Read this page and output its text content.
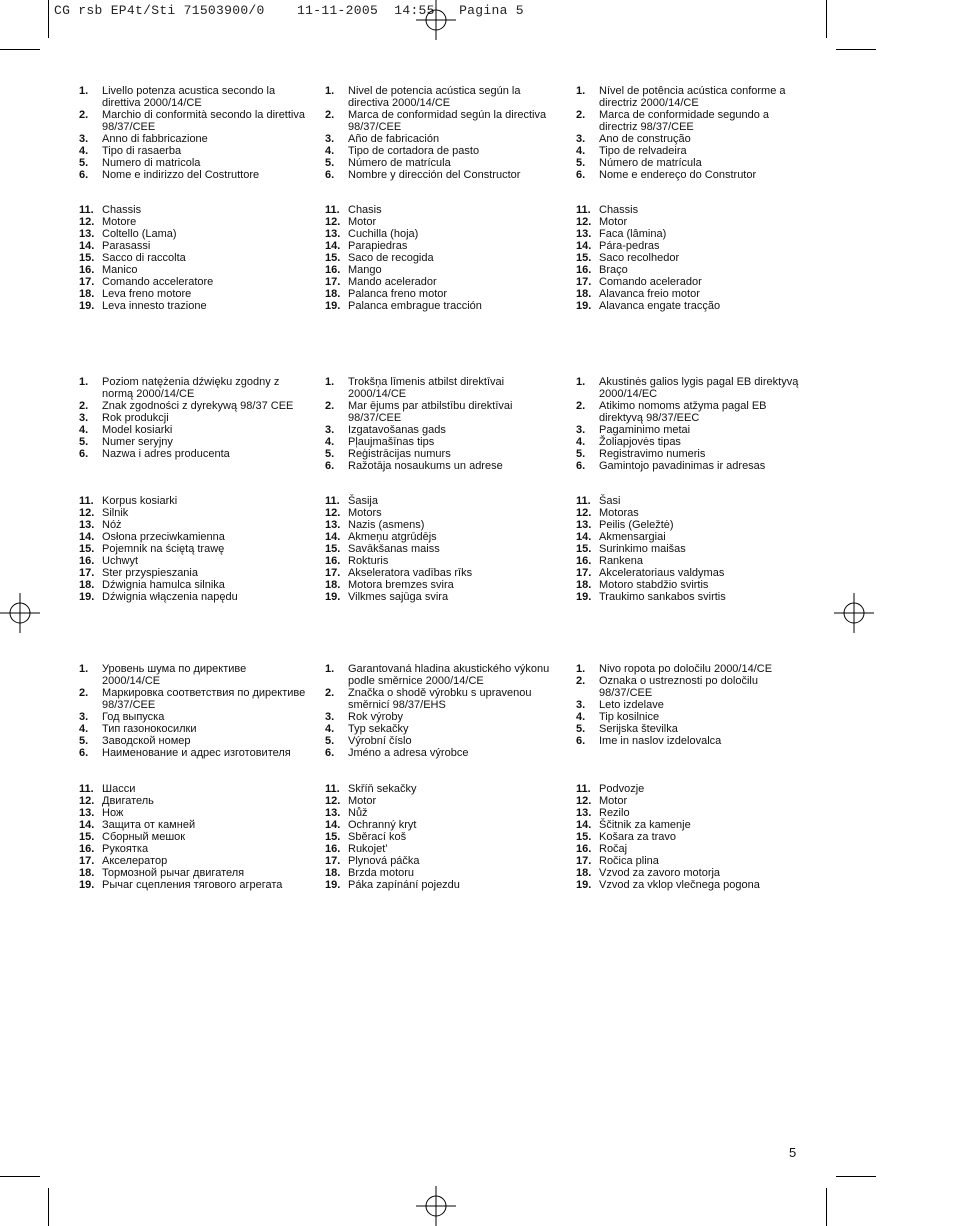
CG rsb EP4t/Sti 71503900/0    11-11-2005  14:55   Pagina 5
1.	Livello potenza acustica secondo la direttiva 2000/14/CE
2.	Marchio di conformità secondo la direttiva 98/37/CEE
3.	Anno di fabbricazione
4.	Tipo di rasaerba
5.	Numero di matricola
6.	Nome e indirizzo del Costruttore
11. Chassis
12. Motore
13. Coltello (Lama)
14. Parasassi
15. Sacco di raccolta
16. Manico
17. Comando acceleratore
18. Leva freno motore
19. Leva innesto trazione
1.	Nivel de potencia acústica según la directiva 2000/14/CE
2.	Marca de conformidad según la directiva 98/37/CEE
3.	Año de fabricación
4.	Tipo de cortadora de pasto
5.	Número de matrícula
6.	Nombre y dirección del Constructor
11. Chasis
12. Motor
13. Cuchilla (hoja)
14. Parapiedras
15. Saco de recogida
16. Mango
17. Mando acelerador
18. Palanca freno motor
19. Palanca embrague tracción
1.	Nível de potência acústica conforme a directriz 2000/14/CE
2.	Marca de conformidade segundo a directriz 98/37/CEE
3.	Ano de construção
4.	Tipo de relvadeira
5.	Número de matrícula
6.	Nome e endereço do Construtor
11. Chassis
12. Motor
13. Faca (lâmina)
14. Pára-pedras
15. Saco recolhedor
16. Braço
17. Comando acelerador
18. Alavanca freio motor
19. Alavanca engate tracção
1.	Poziom natężenia dźwięku zgodny z normą 2000/14/CE
2.	Znak zgodności z dyrekywą 98/37 CEE
3.	Rok produkcji
4.	Model kosiarki
5.	Numer seryjny
6.	Nazwa i adres producenta
11. Korpus kosiarki
12. Silnik
13. Nóż
14. Osłona przeciwkamienna
15. Pojemnik na ściętą trawę
16. Uchwyt
17. Ster przyspieszania
18. Dźwignia hamulca silnika
19. Dźwignia włączenia napędu
1.	Trokšņa līmenis atbilst direktīvai 2000/14/CE
2.	Mar ējums par atbilstību direktīvai 98/37/CEE
3.	Izgatavošanas gads
4.	Pļaujmašīnas tips
5.	Reģistrācijas numurs
6.	Ražotāja nosaukums un adrese
11. Šasija
12. Motors
13. Nazis (asmens)
14. Akmeņu atgrūdējs
15. Savākšanas maiss
16. Rokturis
17. Akseleratora vadības rīks
18. Motora bremzes svira
19. Vilkmes sajūga svira
1.	Akustinės galios lygis pagal EB direktyvą 2000/14/EC
2.	Atikimo nomoms atžyma pagal EB direktyvą 98/37/EEC
3.	Pagaminimo metai
4.	Žoliapjovės tipas
5.	Registravimo numeris
6.	Gamintojo pavadinimas ir adresas
11. Šasi
12. Motoras
13. Peilis (Geležtė)
14. Akmensargiai
15. Surinkimo maišas
16. Rankena
17. Akceleratoriaus valdymas
18. Motoro stabdžio svirtis
19. Traukimo sankabos svirtis
1.	Уровень шума по директиве 2000/14/CE
2.	Маркировка соответствия по директиве 98/37/CEE
3.	Год выпуска
4.	Тип газонокосилки
5.	Заводской номер
6.	Наименование и адрес изготовителя
11. Шасси
12. Двигатель
13. Нож
14. Защита от камней
15. Сборный мешок
16. Рукоятка
17. Акселератор
18. Тормозной рычаг двигателя
19. Рычаг сцепления тягового агрегата
1.	Garantovaná hladina akustického výkonu podle směrnice 2000/14/CE
2.	Značka o shodě výrobku s upravenou směrnicí 98/37/EHS
3.	Rok výroby
4.	Typ sekačky
5.	Výrobní číslo
6.	Jméno a adresa výrobce
11. Skříň sekačky
12. Motor
13. Nůž
14. Ochranný kryt
15. Sběrací koš
16. Rukojet’
17. Plynová páčka
18. Brzda motoru
19. Páka zapínání pojezdu
1.	Nivo ropota po določilu 2000/14/CE
2.	Oznaka o ustreznosti po določilu 98/37/CEE
3.	Leto izdelave
4.	Tip kosilnice
5.	Serijska številka
6.	Ime in naslov izdelovalca
11. Podvozje
12. Motor
13. Rezilo
14. Ščitnik za kamenje
15. Košara za travo
16. Ročaj
17. Ročica plina
18. Vzvod za zavoro motorja
19. Vzvod za vklop vlečnega pogona
5
